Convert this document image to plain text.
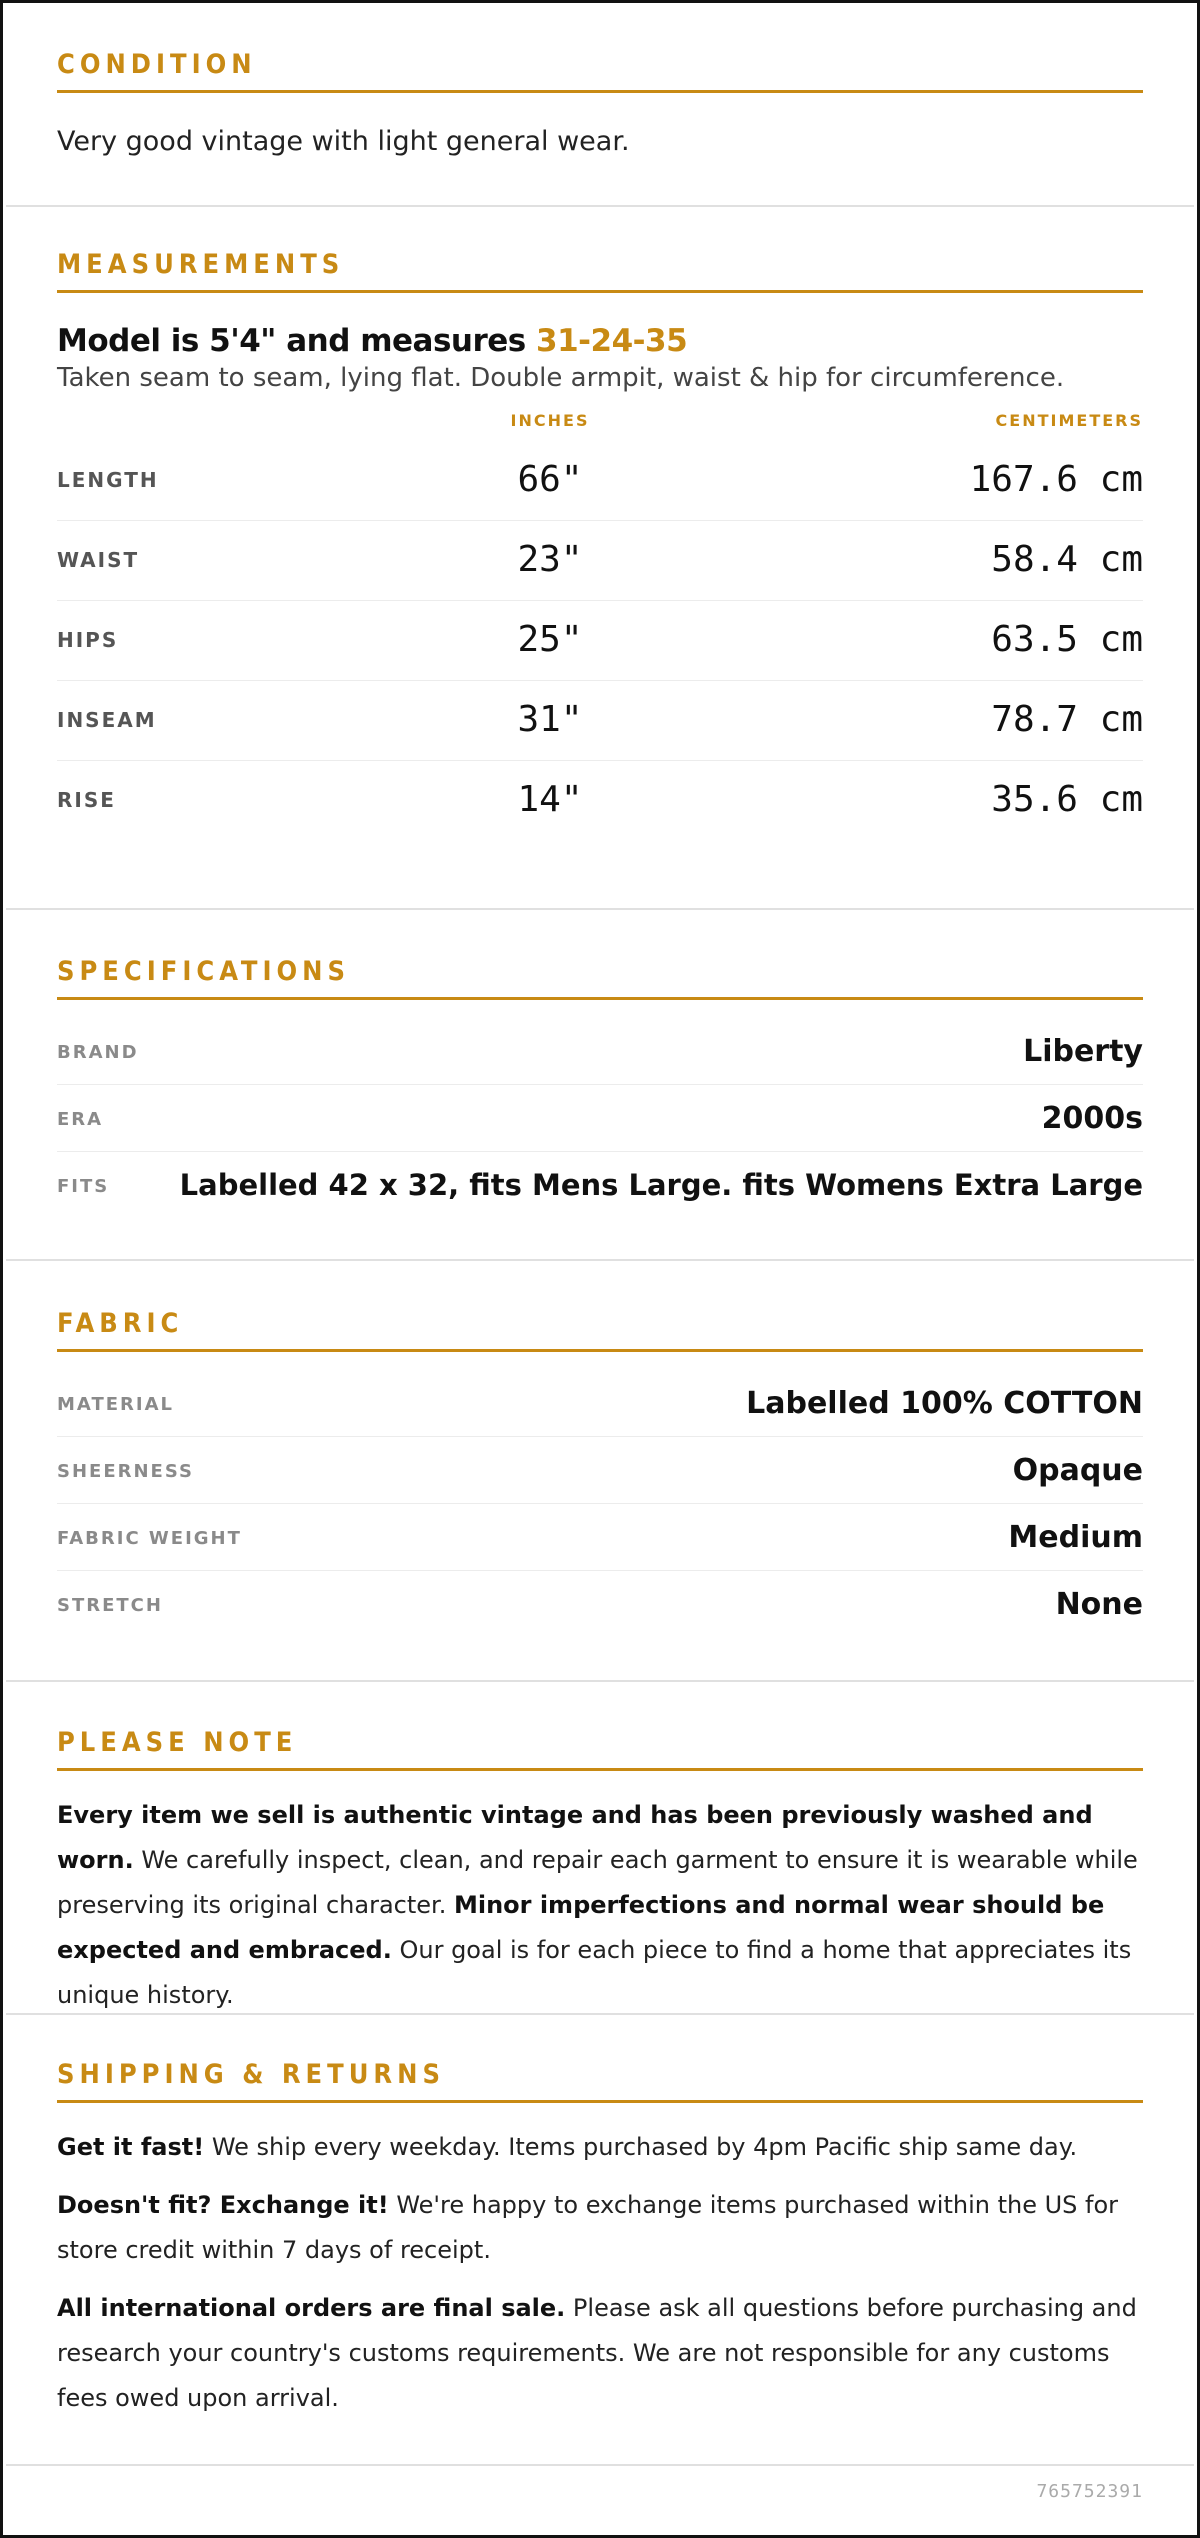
CONDITION
Very good vintage with light general wear.
MEASUREMENTS
Model is 5'4" and measures 31-24-35
Taken seam to seam, lying flat. Double armpit, waist & hip for circumference.
INCHES	CENTIMETERS
LENGTH	66"	167.6 cm
WAIST	23"	58.4 cm
HIPS	25"	63.5 cm
INSEAM	31"	78.7 cm
RISE	14"	35.6 cm
SPECIFICATIONS
BRAND	Liberty
ERA	2000s
FITS Labelled 42 x 32, fits Mens Large. fits Womens Extra Large
FABRIC
MATERIAL	Labelled 100% COTTON
SHEERNESS	Opaque
FABRIC WEIGHT	Medium
STRETCH	None
PLEASE NOTE
Every item we sell is authentic vintage and has been previously washed and worn. We carefully inspect, clean, and repair each garment to ensure it is wearable while preserving its original character. Minor imperfections and normal wear should be expected and embraced. Our goal is for each piece to find a home that appreciates its unique history.
SHIPPING & RETURNS
Get it fast! We ship every weekday. Items purchased by 4pm Pacific ship same day.
Doesn't fit? Exchange it! We're happy to exchange items purchased within the US for store credit within 7 days of receipt.
All international orders are final sale. Please ask all questions before purchasing and research your country's customs requirements. We are not responsible for any customs fees owed upon arrival.
765752391
